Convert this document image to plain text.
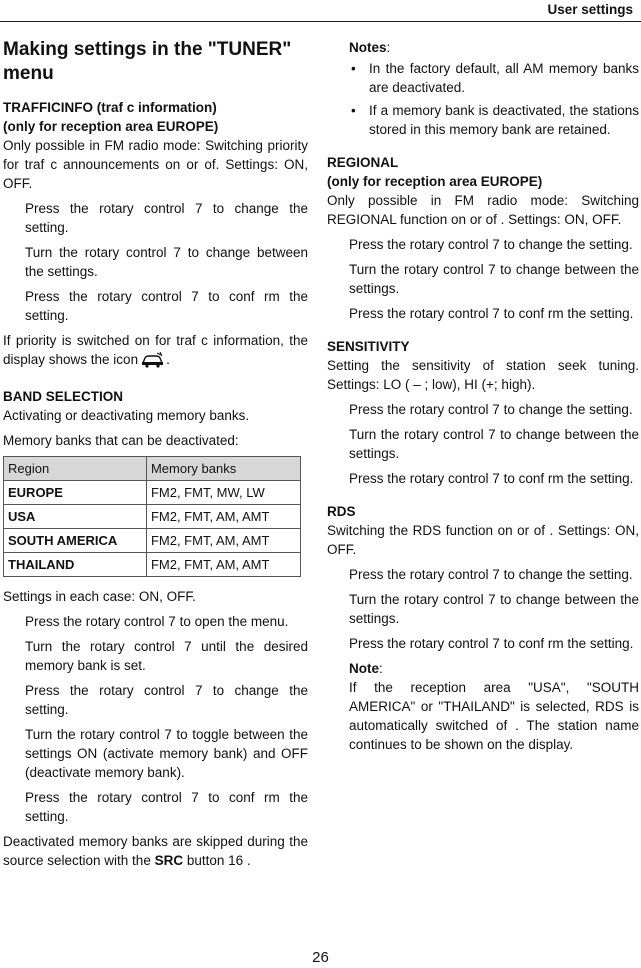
User settings
Making settings in the "TUNER" menu
TRAFFICINFO (traf c information)
(only for reception area EUROPE)

Only possible in FM radio mode: Switching priority for traf c announcements on or of. Settings: ON, OFF.

Press the rotary control 7 to change the setting.
Turn the rotary control 7 to change between the settings.
Press the rotary control 7 to conf rm the setting.

If priority is switched on for traf c information, the display shows the icon .

BAND SELECTION

Activating or deactivating memory banks.

Memory banks that can be deactivated:

Region	Memory banks
EUROPE	FM2, FMT, MW, LW
USA	FM2, FMT, AM, AMT
SOUTH AMERICA	FM2, FMT, AM, AMT
THAILAND	FM2, FMT, AM, AMT

Settings in each case: ON, OFF.

Press the rotary control 7 to open the menu.
Turn the rotary control 7 until the desired memory bank is set.
Press the rotary control 7 to change the setting.
Turn the rotary control 7 to toggle between the settings ON (activate memory bank) and OFF (deactivate memory bank).
Press the rotary control 7 to conf rm the setting.

Deactivated memory banks are skipped during the source selection with the SRC button 16 .

Notes:
• In the factory default, all AM memory banks are deactivated.
• If a memory bank is deactivated, the stations stored in this memory bank are retained.
REGIONAL
(only for reception area EUROPE)

Only possible in FM radio mode: Switching REGIONAL function on or of . Settings: ON, OFF.

Press the rotary control 7 to change the setting.
Turn the rotary control 7 to change between the settings.
Press the rotary control 7 to conf rm the setting.
SENSITIVITY

Setting the sensitivity of station seek tuning. Settings: LO ( – ; low), HI (+; high).

Press the rotary control 7 to change the setting.
Turn the rotary control 7 to change between the settings.
Press the rotary control 7 to conf rm the setting.
RDS

Switching the RDS function on or of . Settings: ON, OFF.

Press the rotary control 7 to change the setting.
Turn the rotary control 7 to change between the settings.
Press the rotary control 7 to conf rm the setting.
Note:
If the reception area "USA", "SOUTH AMERICA" or "THAILAND" is selected, RDS is automatically switched of . The station name continues to be shown on the display.
26
